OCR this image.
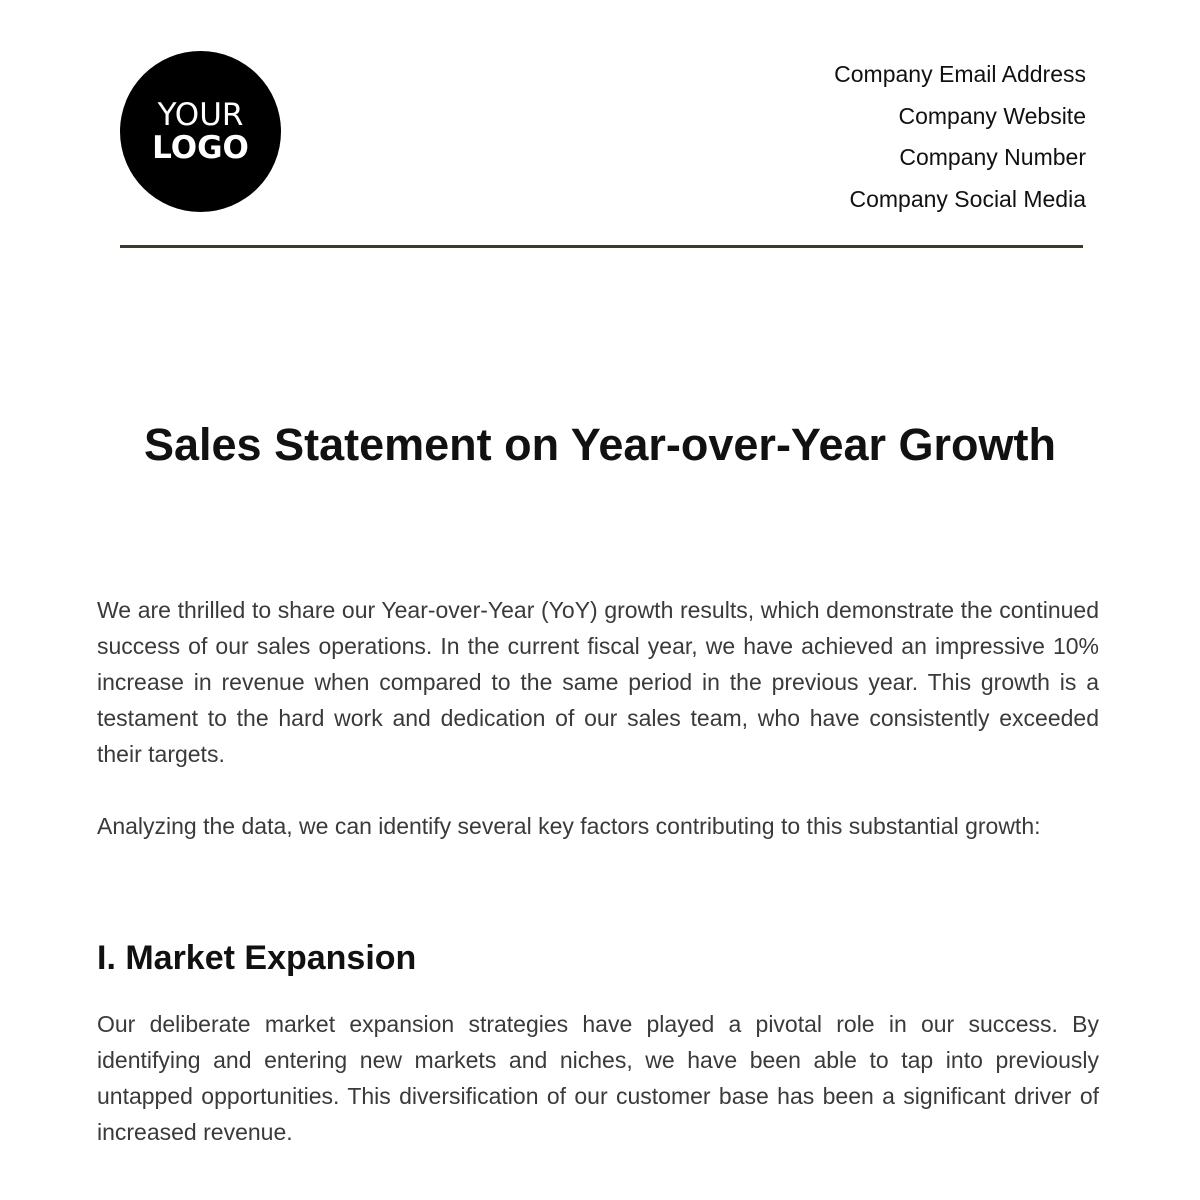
YOUR
LOGO
Company Email Address
Company Website
Company Number
Company Social Media
Sales Statement on Year-over-Year Growth

We are thrilled to share our Year-over-Year (YoY) growth results, which demonstrate the continued success of our sales operations. In the current fiscal year, we have achieved an impressive 10% increase in revenue when compared to the same period in the previous year. This growth is a testament to the hard work and dedication of our sales team, who have consistently exceeded their targets.

Analyzing the data, we can identify several key factors contributing to this substantial growth:

I. Market Expansion

Our deliberate market expansion strategies have played a pivotal role in our success. By identifying and entering new markets and niches, we have been able to tap into previously untapped opportunities. This diversification of our customer base has been a significant driver of increased revenue.
